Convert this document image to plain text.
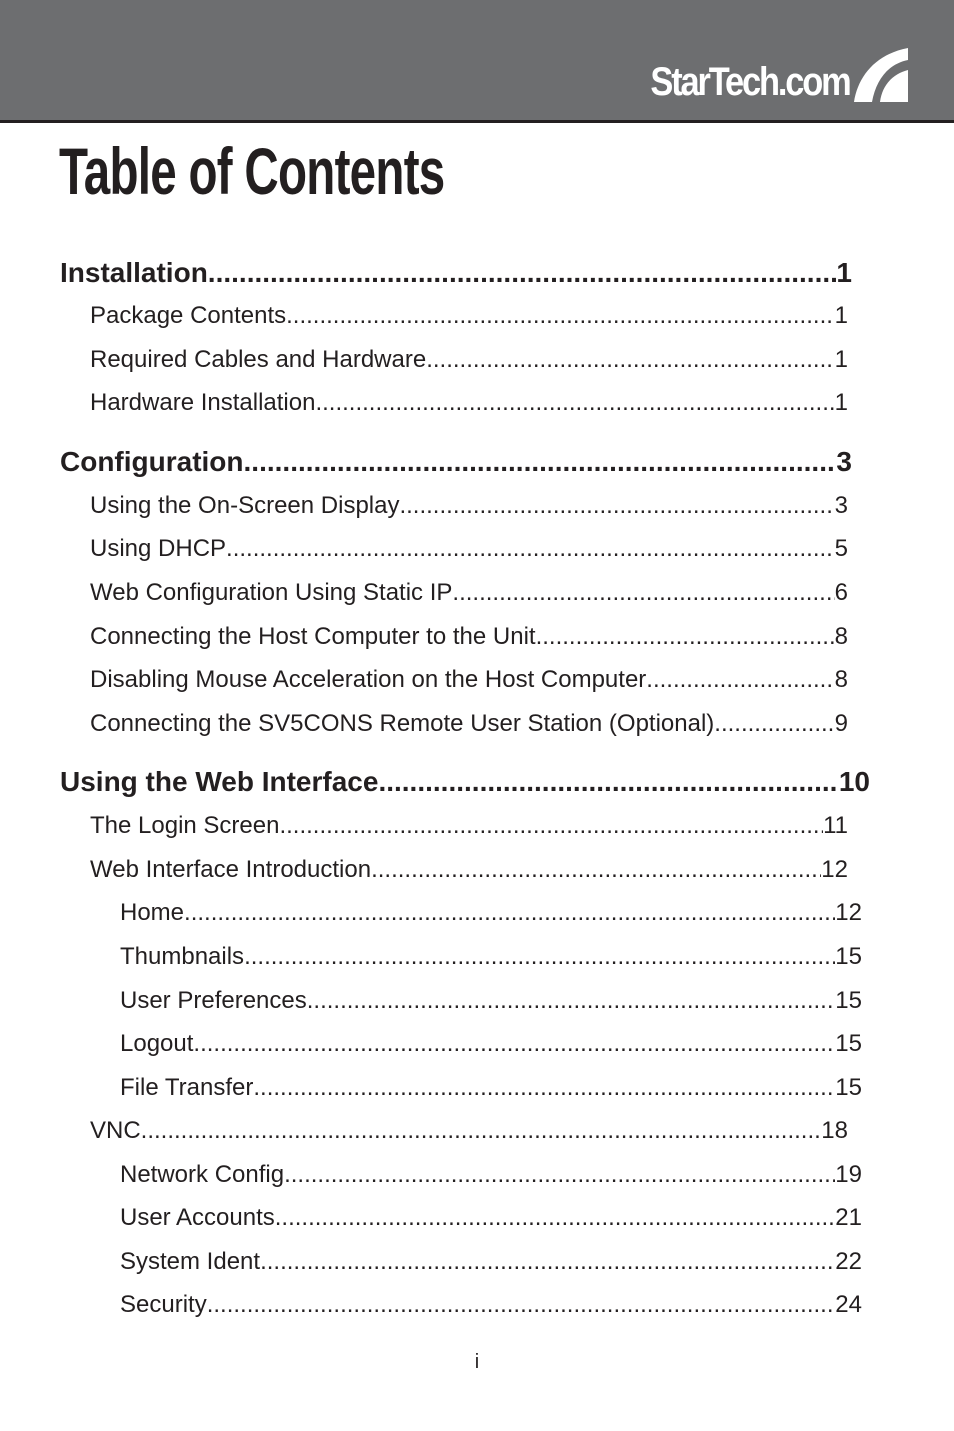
StarTech.com
Table of Contents
Installation .....	1
Package Contents .....	1
Required Cables and Hardware .....	1
Hardware Installation .....	1
Configuration .....	3
Using the On-Screen Display .....	3
Using DHCP .....	5
Web Configuration Using Static IP .....	6
Connecting the Host Computer to the Unit .....	8
Disabling Mouse Acceleration on the Host Computer .....	8
Connecting the SV5CONS Remote User Station (Optional) .....	9
Using the Web Interface .....	10
The Login Screen .....	11
Web Interface Introduction .....	12
Home .....	12
Thumbnails .....	15
User Preferences .....	15
Logout .....	15
File Transfer .....	15
VNC .....	18
Network Config .....	19
User Accounts .....	21
System Ident .....	22
Security .....	24
i
